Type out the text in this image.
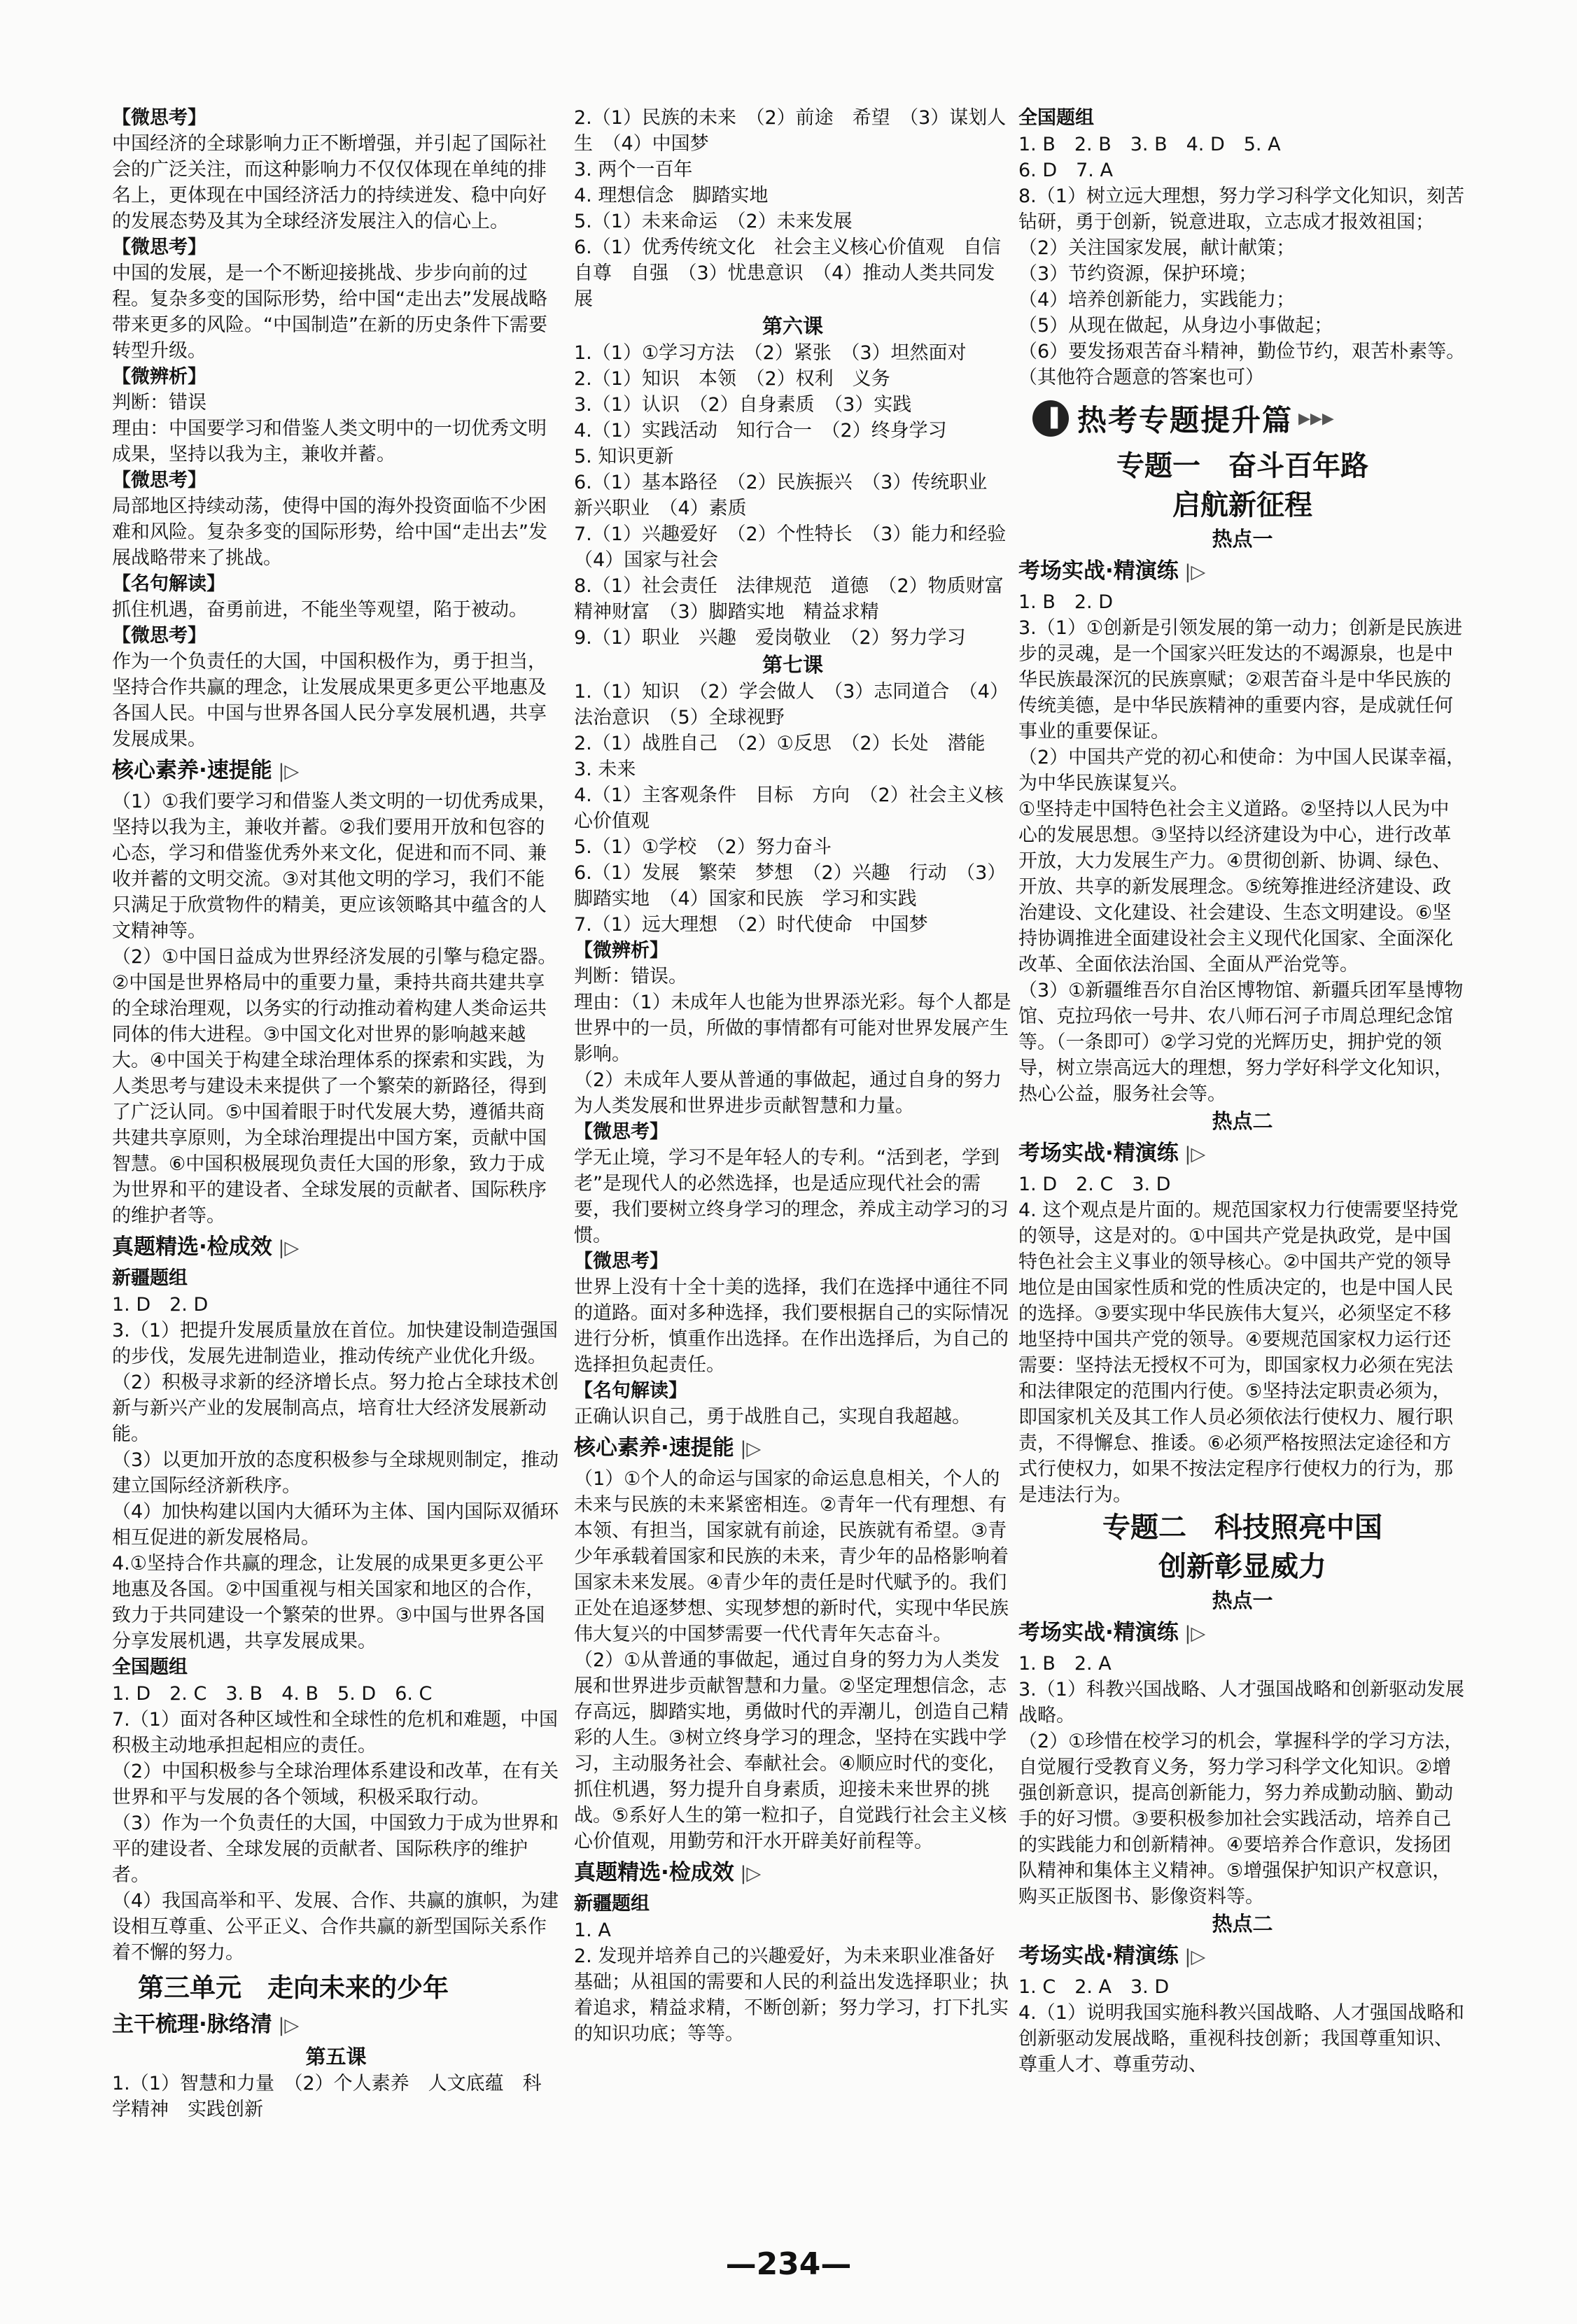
【微思考】
中国经济的全球影响力正不断增强，并引起了国际社会的广泛关注，而这种影响力不仅仅体现在单纯的排名上，更体现在中国经济活力的持续迸发、稳中向好的发展态势及其为全球经济发展注入的信心上。
【微思考】
中国的发展，是一个不断迎接挑战、步步向前的过程。复杂多变的国际形势，给中国“走出去”发展战略带来更多的风险。“中国制造”在新的历史条件下需要转型升级。
【微辨析】
判断：错误
理由：中国要学习和借鉴人类文明中的一切优秀文明成果，坚持以我为主，兼收并蓄。
【微思考】
局部地区持续动荡，使得中国的海外投资面临不少困难和风险。复杂多变的国际形势，给中国“走出去”发展战略带来了挑战。
【名句解读】
抓住机遇，奋勇前进，不能坐等观望，陷于被动。
【微思考】
作为一个负责任的大国，中国积极作为，勇于担当，坚持合作共赢的理念，让发展成果更多更公平地惠及各国人民。中国与世界各国人民分享发展机遇，共享发展成果。
核心素养·速提能 |▷
（1）①我们要学习和借鉴人类文明的一切优秀成果，坚持以我为主，兼收并蓄。②我们要用开放和包容的心态，学习和借鉴优秀外来文化，促进和而不同、兼收并蓄的文明交流。③对其他文明的学习，我们不能只满足于欣赏物件的精美，更应该领略其中蕴含的人文精神等。
（2）①中国日益成为世界经济发展的引擎与稳定器。②中国是世界格局中的重要力量，秉持共商共建共享的全球治理观，以务实的行动推动着构建人类命运共同体的伟大进程。③中国文化对世界的影响越来越大。④中国关于构建全球治理体系的探索和实践，为人类思考与建设未来提供了一个繁荣的新路径，得到了广泛认同。⑤中国着眼于时代发展大势，遵循共商共建共享原则，为全球治理提出中国方案，贡献中国智慧。⑥中国积极展现负责任大国的形象，致力于成为世界和平的建设者、全球发展的贡献者、国际秩序的维护者等。
真题精选·检成效 |▷
新疆题组
1. D　2. D
3.（1）把提升发展质量放在首位。加快建设制造强国的步伐，发展先进制造业，推动传统产业优化升级。
（2）积极寻求新的经济增长点。努力抢占全球技术创新与新兴产业的发展制高点，培育壮大经济发展新动能。
（3）以更加开放的态度积极参与全球规则制定，推动建立国际经济新秩序。
（4）加快构建以国内大循环为主体、国内国际双循环相互促进的新发展格局。
4.①坚持合作共赢的理念，让发展的成果更多更公平地惠及各国。②中国重视与相关国家和地区的合作，致力于共同建设一个繁荣的世界。③中国与世界各国分享发展机遇，共享发展成果。
全国题组
1. D　2. C　3. B　4. B　5. D　6. C
7.（1）面对各种区域性和全球性的危机和难题，中国积极主动地承担起相应的责任。
（2）中国积极参与全球治理体系建设和改革，在有关世界和平与发展的各个领域，积极采取行动。
（3）作为一个负责任的大国，中国致力于成为世界和平的建设者、全球发展的贡献者、国际秩序的维护者。
（4）我国高举和平、发展、合作、共赢的旗帜，为建设相互尊重、公平正义、合作共赢的新型国际关系作着不懈的努力。
　第三单元　走向未来的少年
主干梳理·脉络清 |▷
第五课
1.（1）智慧和力量　（2）个人素养　人文底蕴　科学精神　实践创新
2.（1）民族的未来　（2）前途　希望　（3）谋划人生　（4）中国梦
3. 两个一百年
4. 理想信念　脚踏实地
5.（1）未来命运　（2）未来发展
6.（1）优秀传统文化　社会主义核心价值观　自信　自尊　自强　（3）忧患意识　（4）推动人类共同发展
第六课
1.（1）①学习方法　（2）紧张　（3）坦然面对
2.（1）知识　本领　（2）权利　义务
3.（1）认识　（2）自身素质　（3）实践
4.（1）实践活动　知行合一　（2）终身学习
5. 知识更新
6.（1）基本路径　（2）民族振兴　（3）传统职业　新兴职业　（4）素质
7.（1）兴趣爱好　（2）个性特长　（3）能力和经验　（4）国家与社会
8.（1）社会责任　法律规范　道德　（2）物质财富　精神财富　（3）脚踏实地　精益求精
9.（1）职业　兴趣　爱岗敬业　（2）努力学习
第七课
1.（1）知识　（2）学会做人　（3）志同道合　（4）法治意识　（5）全球视野
2.（1）战胜自己　（2）①反思　（2）长处　潜能
3. 未来
4.（1）主客观条件　目标　方向　（2）社会主义核心价值观
5.（1）①学校　（2）努力奋斗
6.（1）发展　繁荣　梦想　（2）兴趣　行动　（3）脚踏实地　（4）国家和民族　学习和实践
7.（1）远大理想　（2）时代使命　中国梦
【微辨析】
判断：错误。
理由：（1）未成年人也能为世界添光彩。每个人都是世界中的一员，所做的事情都有可能对世界发展产生影响。
（2）未成年人要从普通的事做起，通过自身的努力为人类发展和世界进步贡献智慧和力量。
【微思考】
学无止境，学习不是年轻人的专利。“活到老，学到老”是现代人的必然选择，也是适应现代社会的需要，我们要树立终身学习的理念，养成主动学习的习惯。
【微思考】
世界上没有十全十美的选择，我们在选择中通往不同的道路。面对多种选择，我们要根据自己的实际情况进行分析，慎重作出选择。在作出选择后，为自己的选择担负起责任。
【名句解读】
正确认识自己，勇于战胜自己，实现自我超越。
核心素养·速提能 |▷
（1）①个人的命运与国家的命运息息相关，个人的未来与民族的未来紧密相连。②青年一代有理想、有本领、有担当，国家就有前途，民族就有希望。③青少年承载着国家和民族的未来，青少年的品格影响着国家未来发展。④青少年的责任是时代赋予的。我们正处在追逐梦想、实现梦想的新时代，实现中华民族伟大复兴的中国梦需要一代代青年矢志奋斗。
（2）①从普通的事做起，通过自身的努力为人类发展和世界进步贡献智慧和力量。②坚定理想信念，志存高远，脚踏实地，勇做时代的弄潮儿，创造自己精彩的人生。③树立终身学习的理念，坚持在实践中学习，主动服务社会、奉献社会。④顺应时代的变化，抓住机遇，努力提升自身素质，迎接未来世界的挑战。⑤系好人生的第一粒扣子，自觉践行社会主义核心价值观，用勤劳和汗水开辟美好前程等。
真题精选·检成效 |▷
新疆题组
1. A
2. 发现并培养自己的兴趣爱好，为未来职业准备好基础；从祖国的需要和人民的利益出发选择职业；执着追求，精益求精，不断创新；努力学习，打下扎实的知识功底；等等。
全国题组
1. B　2. B　3. B　4. D　5. A
6. D　7. A
8.（1）树立远大理想，努力学习科学文化知识，刻苦钻研，勇于创新，锐意进取，立志成才报效祖国；
（2）关注国家发展，献计献策；
（3）节约资源，保护环境；
（4）培养创新能力，实践能力；
（5）从现在做起，从身边小事做起；
（6）要发扬艰苦奋斗精神，勤俭节约，艰苦朴素等。（其他符合题意的答案也可）
▐ 热考专题提升篇 ▶▶▶
专题一　奋斗百年路
启航新征程
热点一
考场实战·精演练 |▷
1. B　2. D
3.（1）①创新是引领发展的第一动力；创新是民族进步的灵魂，是一个国家兴旺发达的不竭源泉，也是中华民族最深沉的民族禀赋；②艰苦奋斗是中华民族的传统美德，是中华民族精神的重要内容，是成就任何事业的重要保证。
（2）中国共产党的初心和使命：为中国人民谋幸福，为中华民族谋复兴。
①坚持走中国特色社会主义道路。②坚持以人民为中心的发展思想。③坚持以经济建设为中心，进行改革开放，大力发展生产力。④贯彻创新、协调、绿色、开放、共享的新发展理念。⑤统筹推进经济建设、政治建设、文化建设、社会建设、生态文明建设。⑥坚持协调推进全面建设社会主义现代化国家、全面深化改革、全面依法治国、全面从严治党等。
（3）①新疆维吾尔自治区博物馆、新疆兵团军垦博物馆、克拉玛依一号井、农八师石河子市周总理纪念馆等。（一条即可）②学习党的光辉历史，拥护党的领导，树立崇高远大的理想，努力学好科学文化知识，热心公益，服务社会等。
热点二
考场实战·精演练 |▷
1. D　2. C　3. D
4. 这个观点是片面的。规范国家权力行使需要坚持党的领导，这是对的。①中国共产党是执政党，是中国特色社会主义事业的领导核心。②中国共产党的领导地位是由国家性质和党的性质决定的，也是中国人民的选择。③要实现中华民族伟大复兴，必须坚定不移地坚持中国共产党的领导。④要规范国家权力运行还需要：坚持法无授权不可为，即国家权力必须在宪法和法律限定的范围内行使。⑤坚持法定职责必须为，即国家机关及其工作人员必须依法行使权力、履行职责，不得懈怠、推诿。⑥必须严格按照法定途径和方式行使权力，如果不按法定程序行使权力的行为，那是违法行为。
专题二　科技照亮中国
创新彰显威力
热点一
考场实战·精演练 |▷
1. B　2. A
3.（1）科教兴国战略、人才强国战略和创新驱动发展战略。
（2）①珍惜在校学习的机会，掌握科学的学习方法，自觉履行受教育义务，努力学习科学文化知识。②增强创新意识，提高创新能力，努力养成勤动脑、勤动手的好习惯。③要积极参加社会实践活动，培养自己的实践能力和创新精神。④要培养合作意识，发扬团队精神和集体主义精神。⑤增强保护知识产权意识，购买正版图书、影像资料等。
热点二
考场实战·精演练 |▷
1. C　2. A　3. D
4.（1）说明我国实施科教兴国战略、人才强国战略和创新驱动发展战略，重视科技创新；我国尊重知识、尊重人才、尊重劳动、
—234—
